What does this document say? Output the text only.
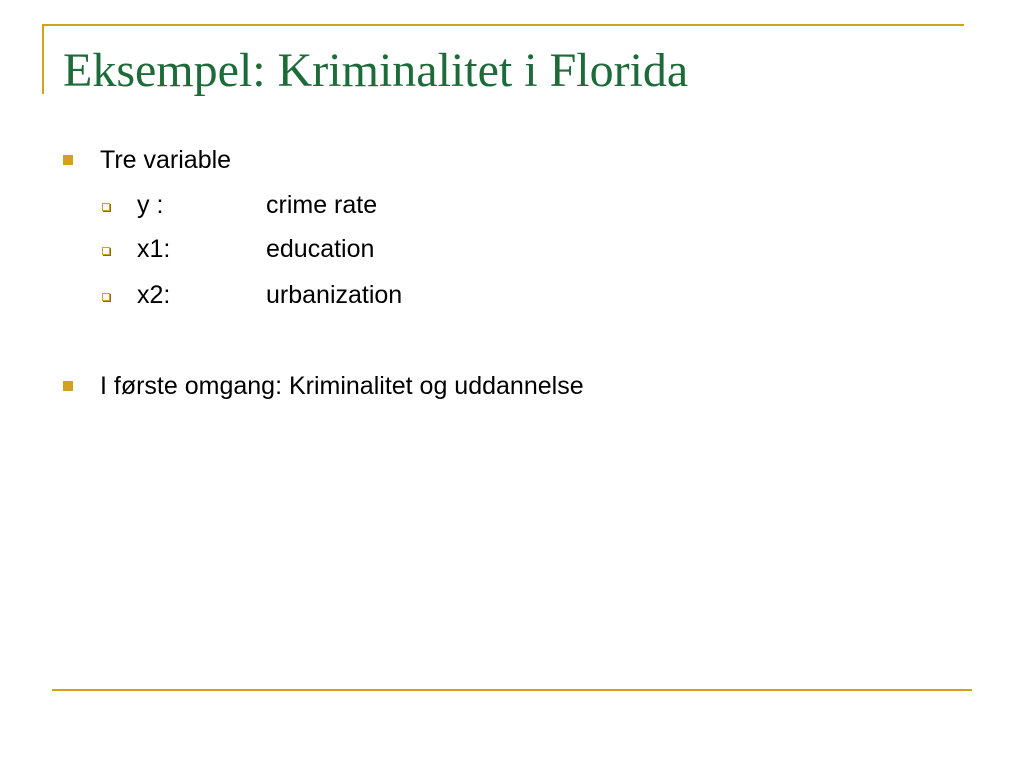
Eksempel: Kriminalitet i Florida
Tre variable
y :	crime rate
x1:	education
x2:	urbanization
I første omgang: Kriminalitet og uddannelse
